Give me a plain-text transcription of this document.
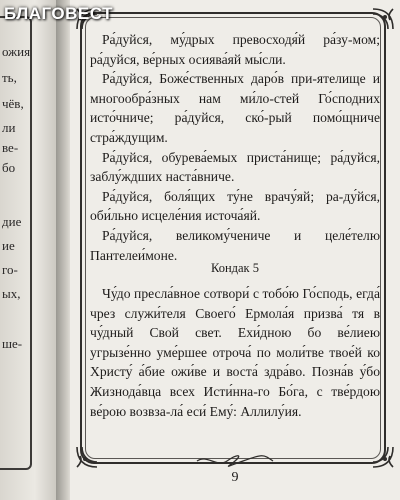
ожия
ть,
чёв,
ли
ве-
бо
дие
ие
го-
ых,
ше-

Ра́дуйся, му́дрых превосходя́й ра́зу-мом; ра́дуйся, ве́рных осиява́яй мы́сли.

Ра́дуйся, Боже́ственных даро́в при-ятелище и многообра́зных нам ми́ло-стей Го́сподних исто́чниче; ра́дуйся, ско́-рый помо́щниче стра́ждущим.

Ра́дуйся, обурева́емых приста́нище; ра́дуйся, заблу́ждших наста́вниче.

Ра́дуйся, боля́щих ту́не врачу́яй; ра-ду́йся, оби́льно исцеле́ния источа́яй.

Ра́дуйся, великому́чениче и целе́телю Пантелеи́моне.

Кондак 5

Чу́до пресла́вное сотвори́ с тобо́ю Го́сподь, егда́ чрез служи́теля Своего́ Ермола́я призва́ тя в чу́дный Свой свет. Ехи́дною бо ве́лиею угрызе́нно уме́ршее отроча́ по моли́тве твое́й ко Христу́ а́бие ожи́ве и воста́ здра́во. Позна́в у́бо Жизнода́вца всех Исти́нна-го Бо́га, с тве́рдою ве́рою возвза-ла́ еси́ Ему́: Аллилу́ия.

9
БЛАГОВЕСТ
